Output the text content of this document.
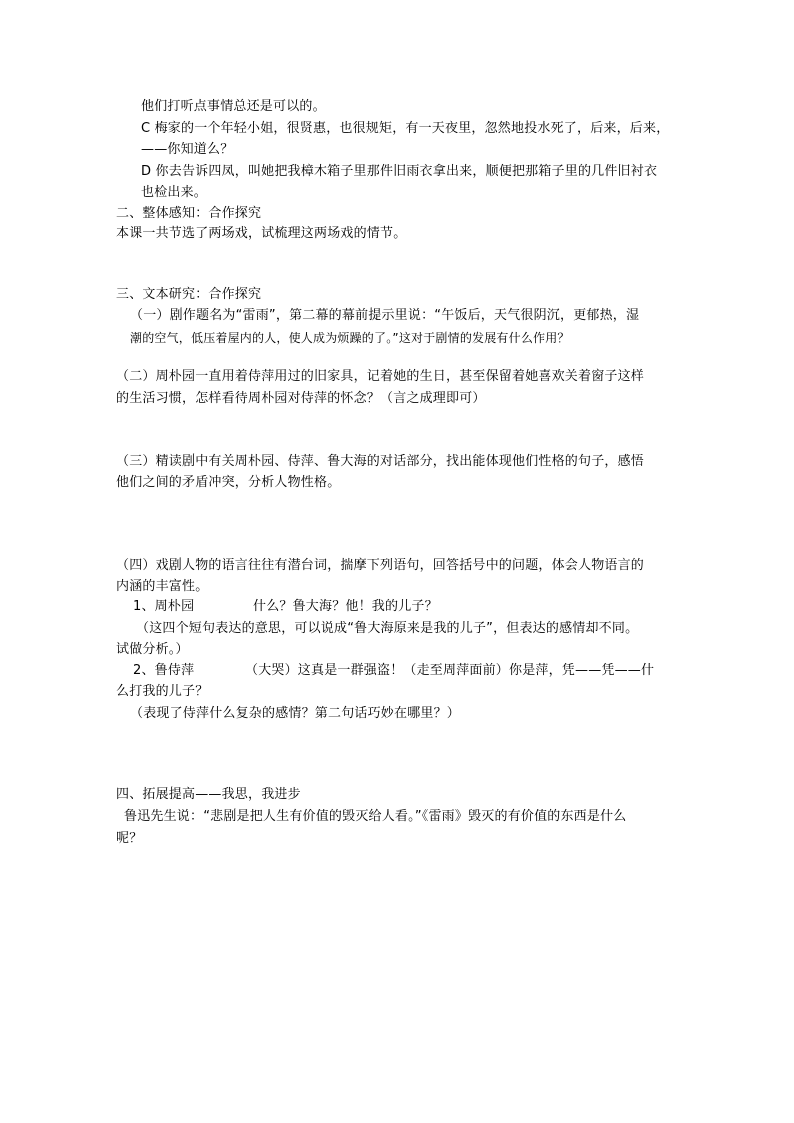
他们打听点事情总还是可以的。
C 梅家的一个年轻小姐，很贤惠，也很规矩，有一天夜里，忽然地投水死了，后来，后来，
——你知道么？
D 你去告诉四凤，叫她把我樟木箱子里那件旧雨衣拿出来，顺便把那箱子里的几件旧衬衣
也检出来。
二、整体感知：合作探究
本课一共节选了两场戏，试梳理这两场戏的情节。
三、文本研究：合作探究
（一）剧作题名为“雷雨”，第二幕的幕前提示里说：“午饭后，天气很阴沉，更郁热，湿
潮的空气，低压着屋内的人，使人成为烦躁的了。”这对于剧情的发展有什么作用？
（二）周朴园一直用着侍萍用过的旧家具，记着她的生日，甚至保留着她喜欢关着窗子这样
的生活习惯，怎样看待周朴园对侍萍的怀念？（言之成理即可）
（三）精读剧中有关周朴园、侍萍、鲁大海的对话部分，找出能体现他们性格的句子，感悟
他们之间的矛盾冲突，分析人物性格。
（四）戏剧人物的语言往往有潜台词，揣摩下列语句，回答括号中的问题，体会人物语言的
内涵的丰富性。
1、周朴园	什么？鲁大海？他！我的儿子？
（这四个短句表达的意思，可以说成“鲁大海原来是我的儿子”，但表达的感情却不同。
试做分析。）
2、鲁侍萍	（大哭）这真是一群强盗！（走至周萍面前）你是萍，凭——凭——什
么打我的儿子？
（表现了侍萍什么复杂的感情？第二句话巧妙在哪里？）
四、拓展提高——我思，我进步
鲁迅先生说：“悲剧是把人生有价值的毁灭给人看。”《雷雨》毁灭的有价值的东西是什么
呢？
